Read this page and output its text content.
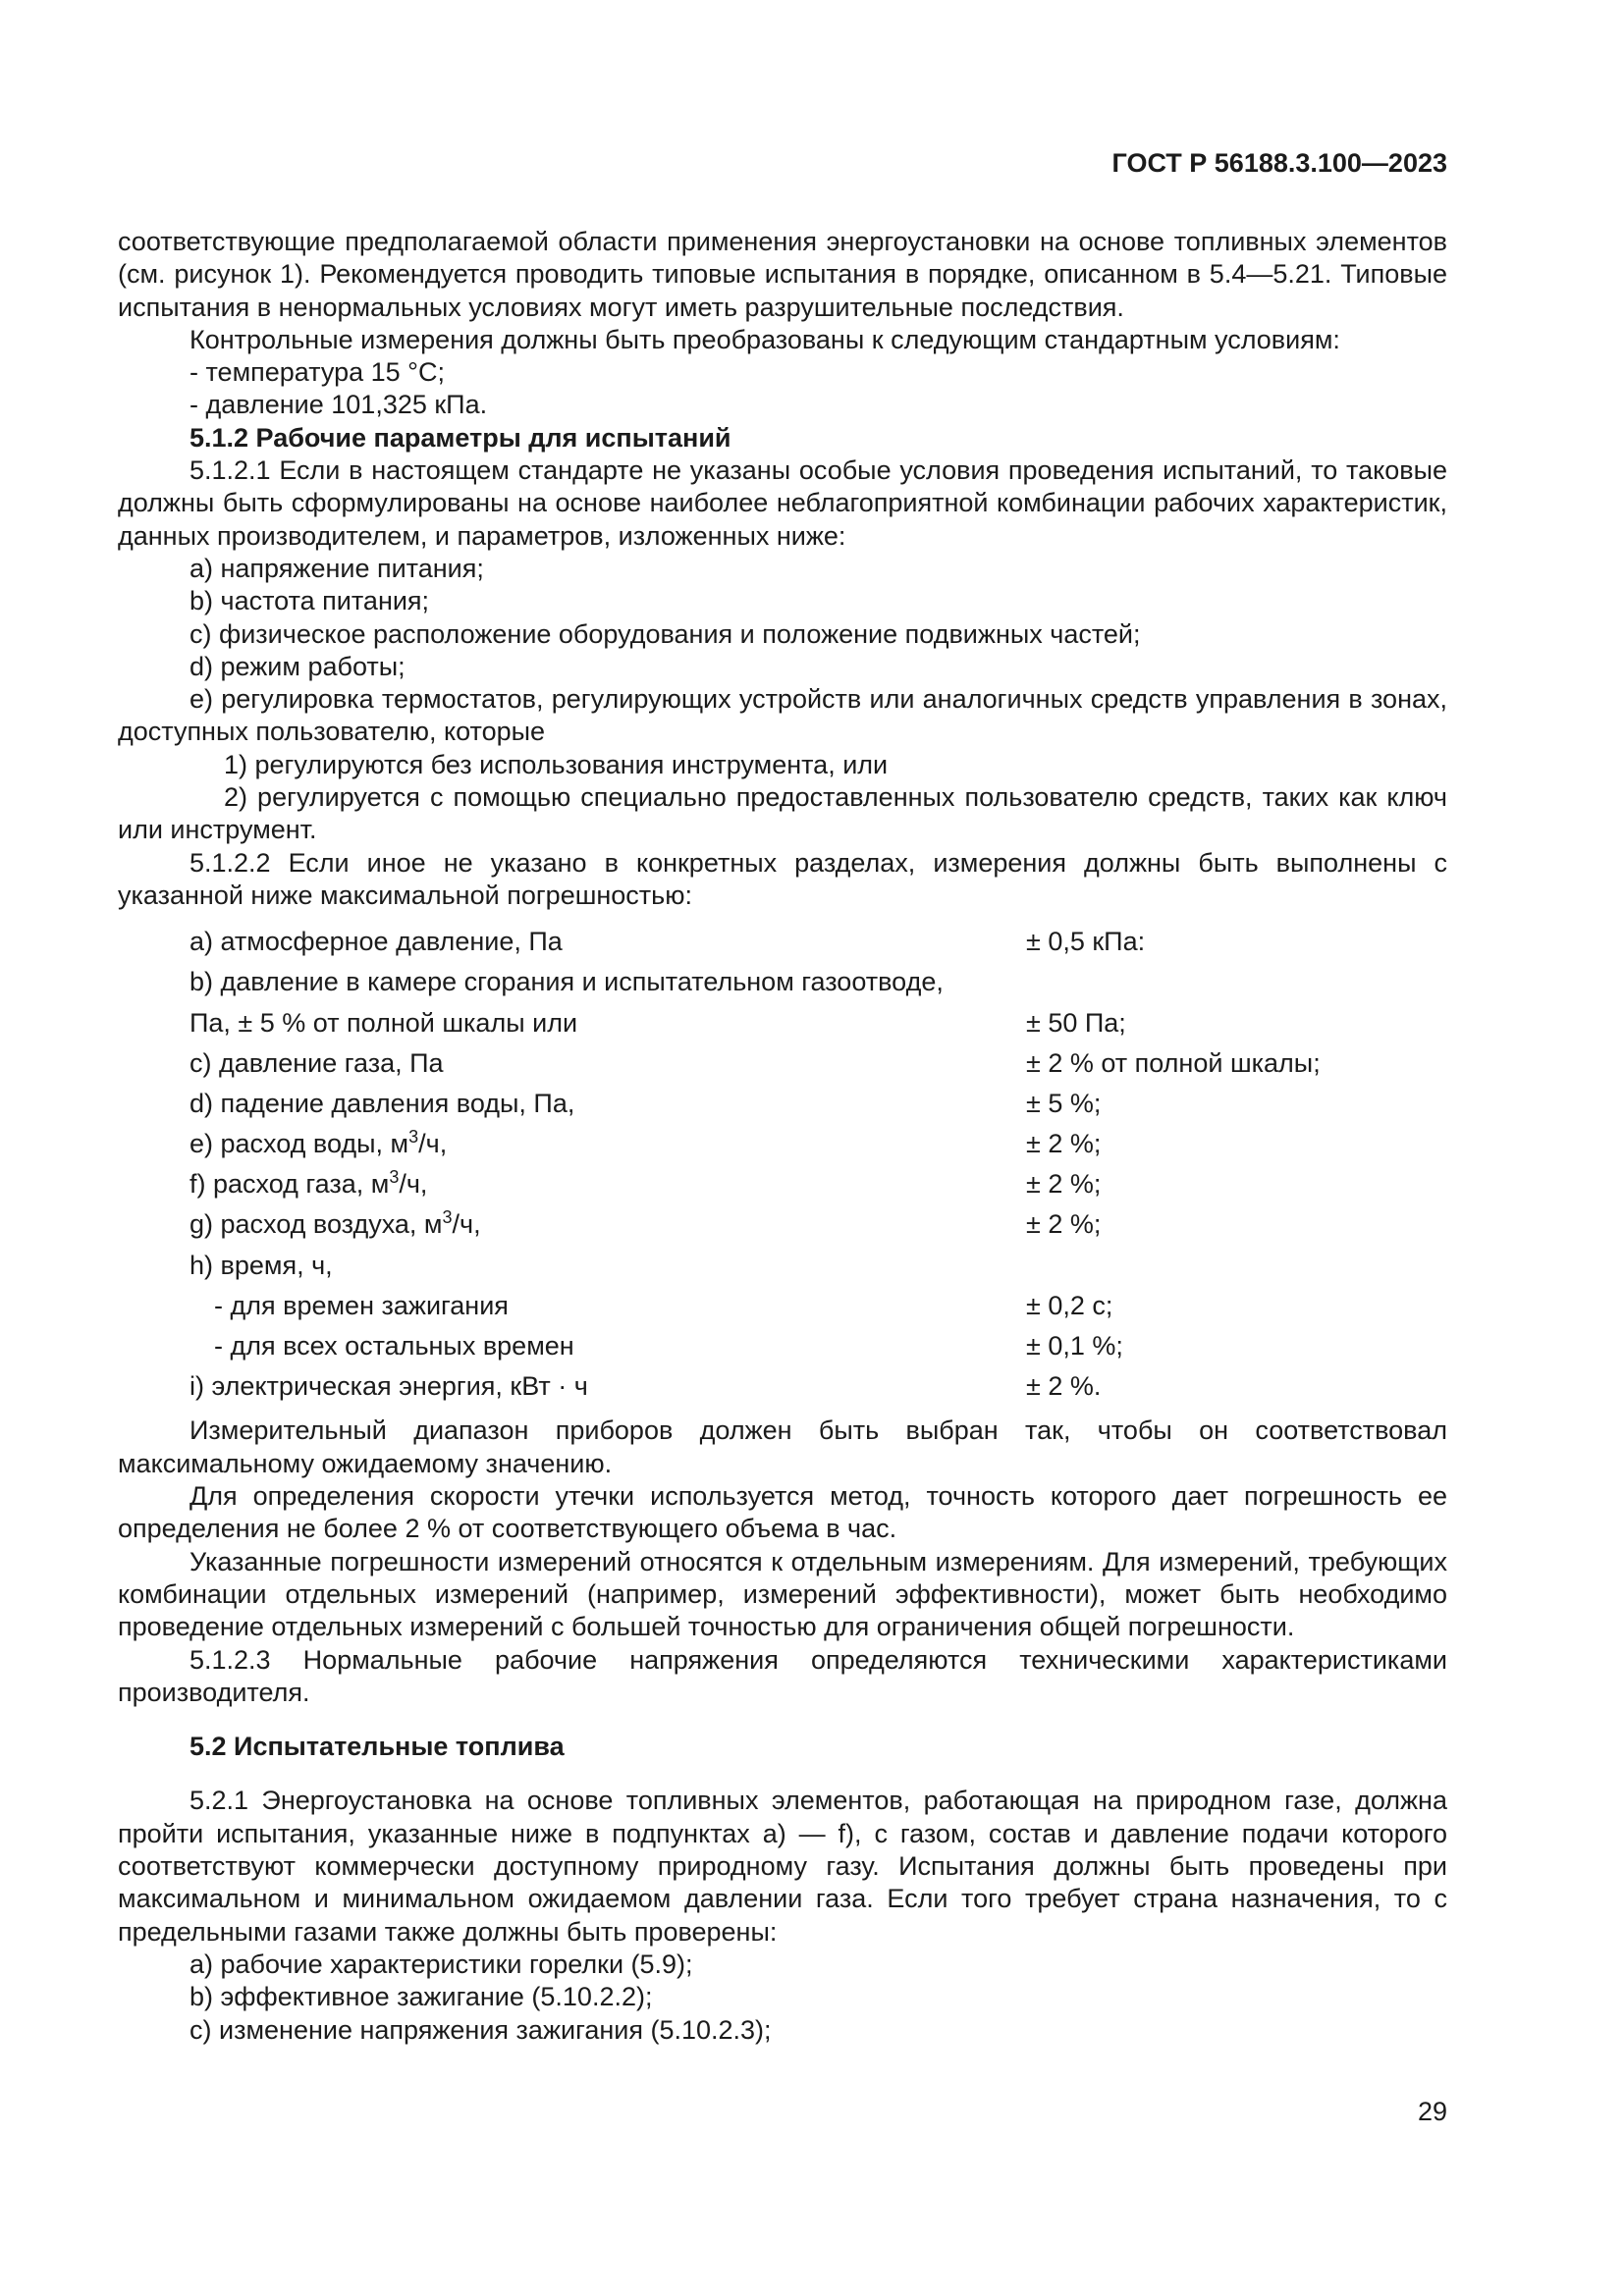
ГОСТ Р 56188.3.100—2023

соответствующие предполагаемой области применения энергоустановки на основе топливных элементов (см. рисунок 1). Рекомендуется проводить типовые испытания в порядке, описанном в 5.4—5.21. Типовые испытания в ненормальных условиях могут иметь разрушительные последствия.

Контрольные измерения должны быть преобразованы к следующим стандартным условиям:

- температура 15 °С;

- давление 101,325 кПа.

5.1.2 Рабочие параметры для испытаний

5.1.2.1 Если в настоящем стандарте не указаны особые условия проведения испытаний, то таковые должны быть сформулированы на основе наиболее неблагоприятной комбинации рабочих характеристик, данных производителем, и параметров, изложенных ниже:

a) напряжение питания;

b) частота питания;

c) физическое расположение оборудования и положение подвижных частей;

d) режим работы;

e) регулировка термостатов, регулирующих устройств или аналогичных средств управления в зонах, доступных пользователю, которые

1) регулируются без использования инструмента, или

2) регулируется с помощью специально предоставленных пользователю средств, таких как ключ или инструмент.

5.1.2.2 Если иное не указано в конкретных разделах, измерения должны быть выполнены с указанной ниже максимальной погрешностью:

a) атмосферное давление, Па	± 0,5 кПа:
b) давление в камере сгорания и испытательном газоотводе,
Па, ± 5 % от полной шкалы или	± 50 Па;
c) давление газа, Па	± 2 % от полной шкалы;
d) падение давления воды, Па,	± 5 %;
e) расход воды, $м^3/ч$,	± 2 %;
f) расход газа, $м^3/ч$,	± 2 %;
g) расход воздуха, $м^3/ч$,	± 2 %;
h) время, ч,
- для времен зажигания	± 0,2 с;
- для всех остальных времен	± 0,1 %;
i) электрическая энергия, кВт · ч	± 2 %.

Измерительный диапазон приборов должен быть выбран так, чтобы он соответствовал максимальному ожидаемому значению.

Для определения скорости утечки используется метод, точность которого дает погрешность ее определения не более 2 % от соответствующего объема в час.

Указанные погрешности измерений относятся к отдельным измерениям. Для измерений, требующих комбинации отдельных измерений (например, измерений эффективности), может быть необходимо проведение отдельных измерений с большей точностью для ограничения общей погрешности.

5.1.2.3 Нормальные рабочие напряжения определяются техническими характеристиками производителя.

5.2 Испытательные топлива

5.2.1 Энергоустановка на основе топливных элементов, работающая на природном газе, должна пройти испытания, указанные ниже в подпунктах а) — f), с газом, состав и давление подачи которого соответствуют коммерчески доступному природному газу. Испытания должны быть проведены при максимальном и минимальном ожидаемом давлении газа. Если того требует страна назначения, то с предельными газами также должны быть проверены:

a) рабочие характеристики горелки (5.9);

b) эффективное зажигание (5.10.2.2);

c) изменение напряжения зажигания (5.10.2.3);

29
